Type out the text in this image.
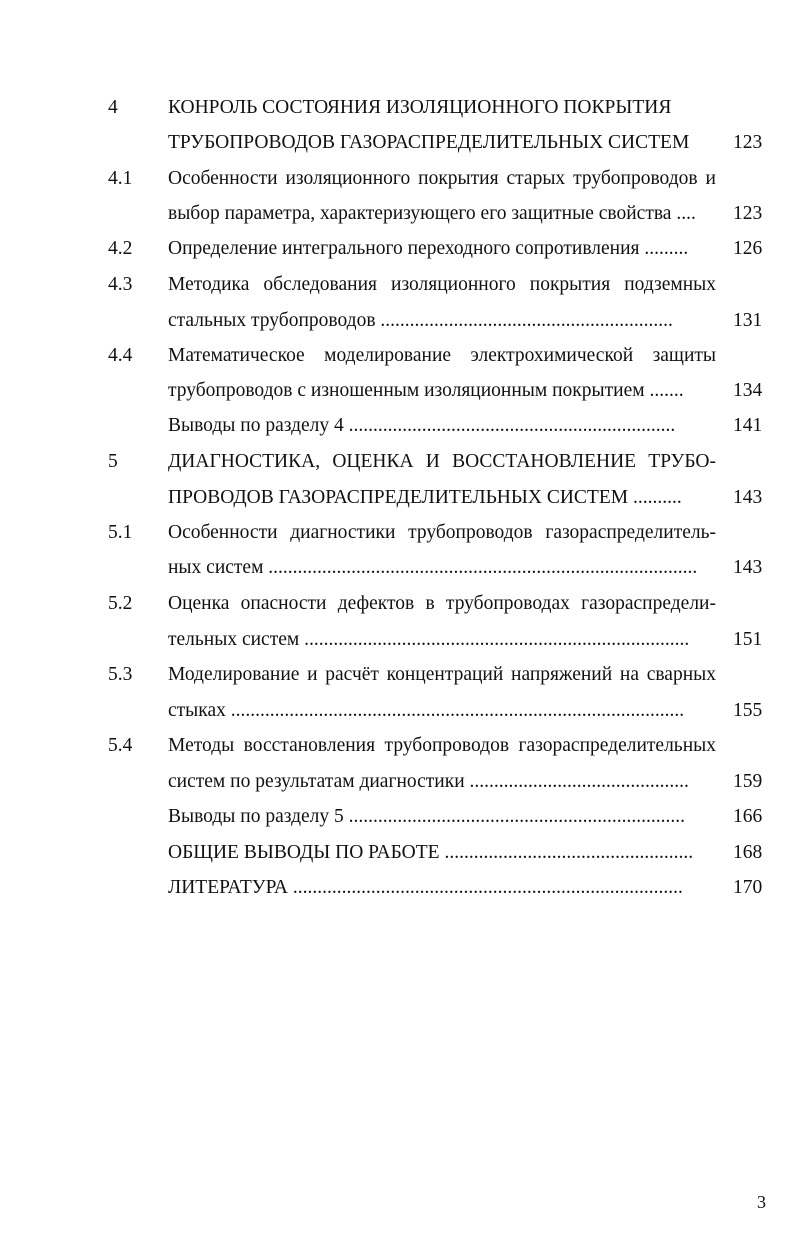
4	КОНРОЛЬ СОСТОЯНИЯ ИЗОЛЯЦИОННОГО ПОКРЫТИЯ
ТРУБОПРОВОДОВ ГАЗОРАСПРЕДЕЛИТЕЛЬНЫХ СИСТЕМ 123
4.1	Особенности изоляционного покрытия старых трубопроводов и
выбор параметра, характеризующего его защитные свойства .... 123
4.2	Определение интегрального переходного сопротивления ......... 126
4.3	Методика обследования изоляционного покрытия подземных
стальных трубопроводов ............................................................	131
4.4	Математическое моделирование электрохимической защиты
трубопроводов с изношенным изоляционным покрытием .......	134
Выводы по разделу 4 ...................................................................	141
5	ДИАГНОСТИКА, ОЦЕНКА И ВОССТАНОВЛЕНИЕ ТРУБО-
ПРОВОДОВ ГАЗОРАСПРЕДЕЛИТЕЛЬНЫХ СИСТЕМ ..........	143
5.1	Особенности диагностики трубопроводов газораспределитель-
ных систем ........................................................................................ 143
5.2	Оценка опасности дефектов в трубопроводах газораспредели-
тельных систем ............................................................................... 151
5.3	Моделирование и расчёт концентраций напряжений на сварных
стыках .............................................................................................	155
5.4	Методы восстановления трубопроводов газораспределительных
систем по результатам диагностики ............................................. 159
Выводы по разделу 5 ..................................................................... 166
ОБЩИЕ ВЫВОДЫ ПО РАБОТЕ ................................................... 168
ЛИТЕРАТУРА ................................................................................	170
3
